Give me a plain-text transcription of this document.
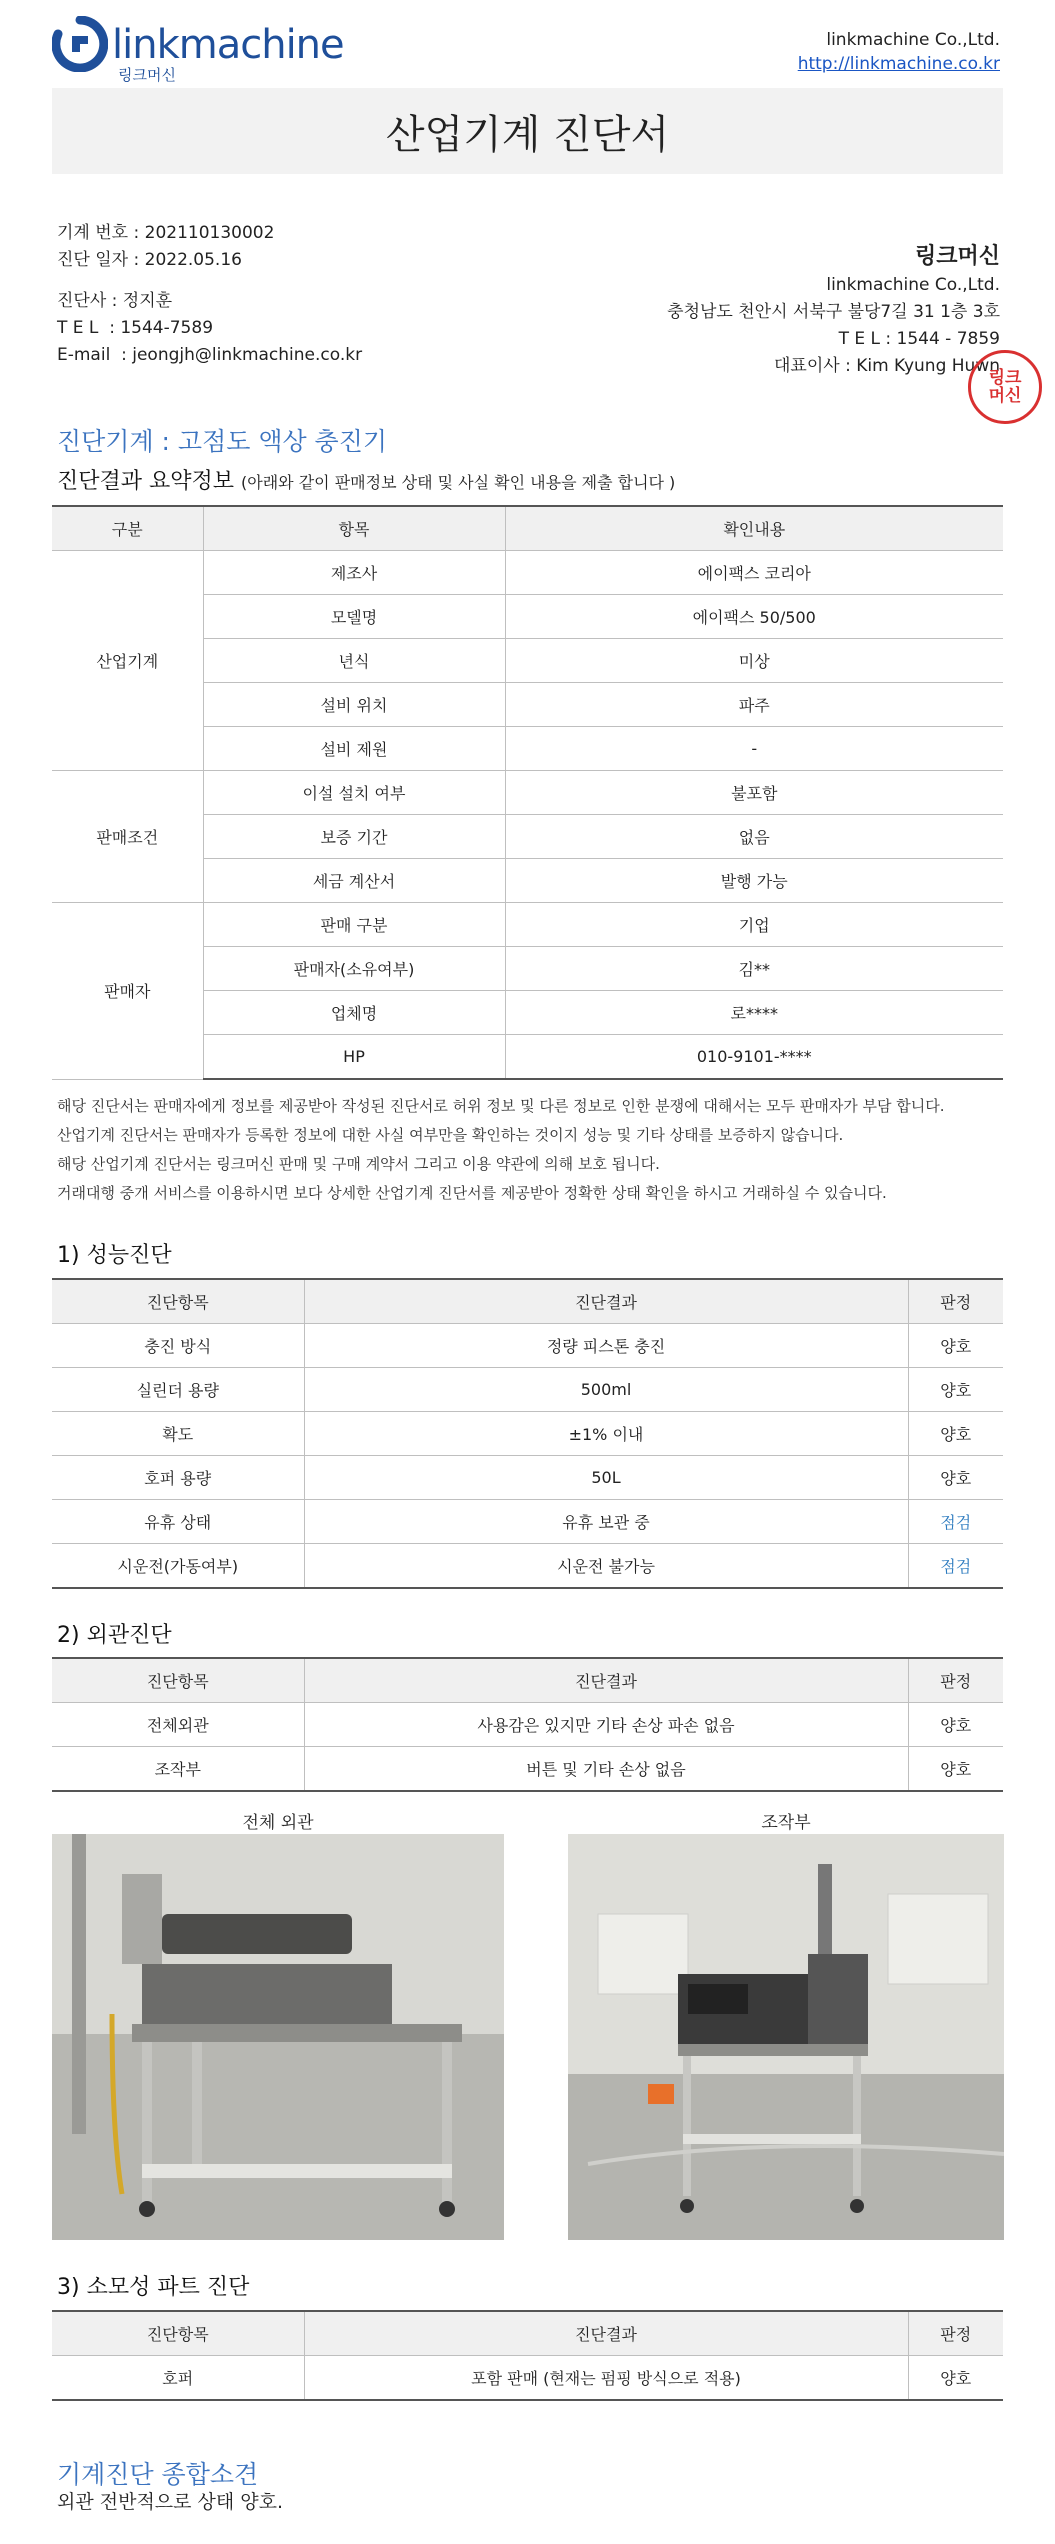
linkmachine
링크머신
linkmachine Co.,Ltd.
http://linkmachine.co.kr
산업기계 진단서
기계 번호 : 202110130002
진단 일자 : 2022.05.16
진단사 : 정지훈
T E L  : 1544-7589
E-mail  : jeongjh@linkmachine.co.kr
링크머신
linkmachine Co.,Ltd.
충청남도 천안시 서북구 불당7길 31 1층 3호
T E L : 1544 - 7859
대표이사 : Kim Kyung Huwn
링크머신
진단기계 : 고점도 액상 충진기
진단결과 요약정보 (아래와 같이 판매정보 상태 및 사실 확인 내용을 제출 합니다 )
구분	항목	확인내용
산업기계	제조사	에이팩스 코리아
	모델명	에이팩스 50/500
	년식	미상
	설비 위치	파주
	설비 제원	-
판매조건	이설 설치 여부	불포함
	보증 기간	없음
	세금 계산서	발행 가능
판매자	판매 구분	기업
	판매자(소유여부)	김**
	업체명	로****
	HP	010-9101-****
해당 진단서는 판매자에게 정보를 제공받아 작성된 진단서로 허위 정보 및 다른 정보로 인한 분쟁에 대해서는 모두 판매자가 부담 합니다.
산업기계 진단서는 판매자가 등록한 정보에 대한 사실 여부만을 확인하는 것이지 성능 및 기타 상태를 보증하지 않습니다.
해당 산업기계 진단서는 링크머신 판매 및 구매 계약서 그리고 이용 약관에 의해 보호 됩니다.
거래대행 중개 서비스를 이용하시면 보다 상세한 산업기계 진단서를 제공받아 정확한 상태 확인을 하시고 거래하실 수 있습니다.
1) 성능진단
진단항목	진단결과	판정
충진 방식	정량 피스톤 충진	양호
실린더 용량	500ml	양호
확도	±1% 이내	양호
호퍼 용량	50L	양호
유휴 상태	유휴 보관 중	점검
시운전(가동여부)	시운전 불가능	점검
2) 외관진단
진단항목	진단결과	판정
전체외관	사용감은 있지만 기타 손상 파손 없음	양호
조작부	버튼 및 기타 손상 없음	양호
전체 외관	조작부
3) 소모성 파트 진단
진단항목	진단결과	판정
호퍼	포함 판매 (현재는 펌핑 방식으로 적용)	양호
기계진단 종합소견
외관 전반적으로 상태 양호.
